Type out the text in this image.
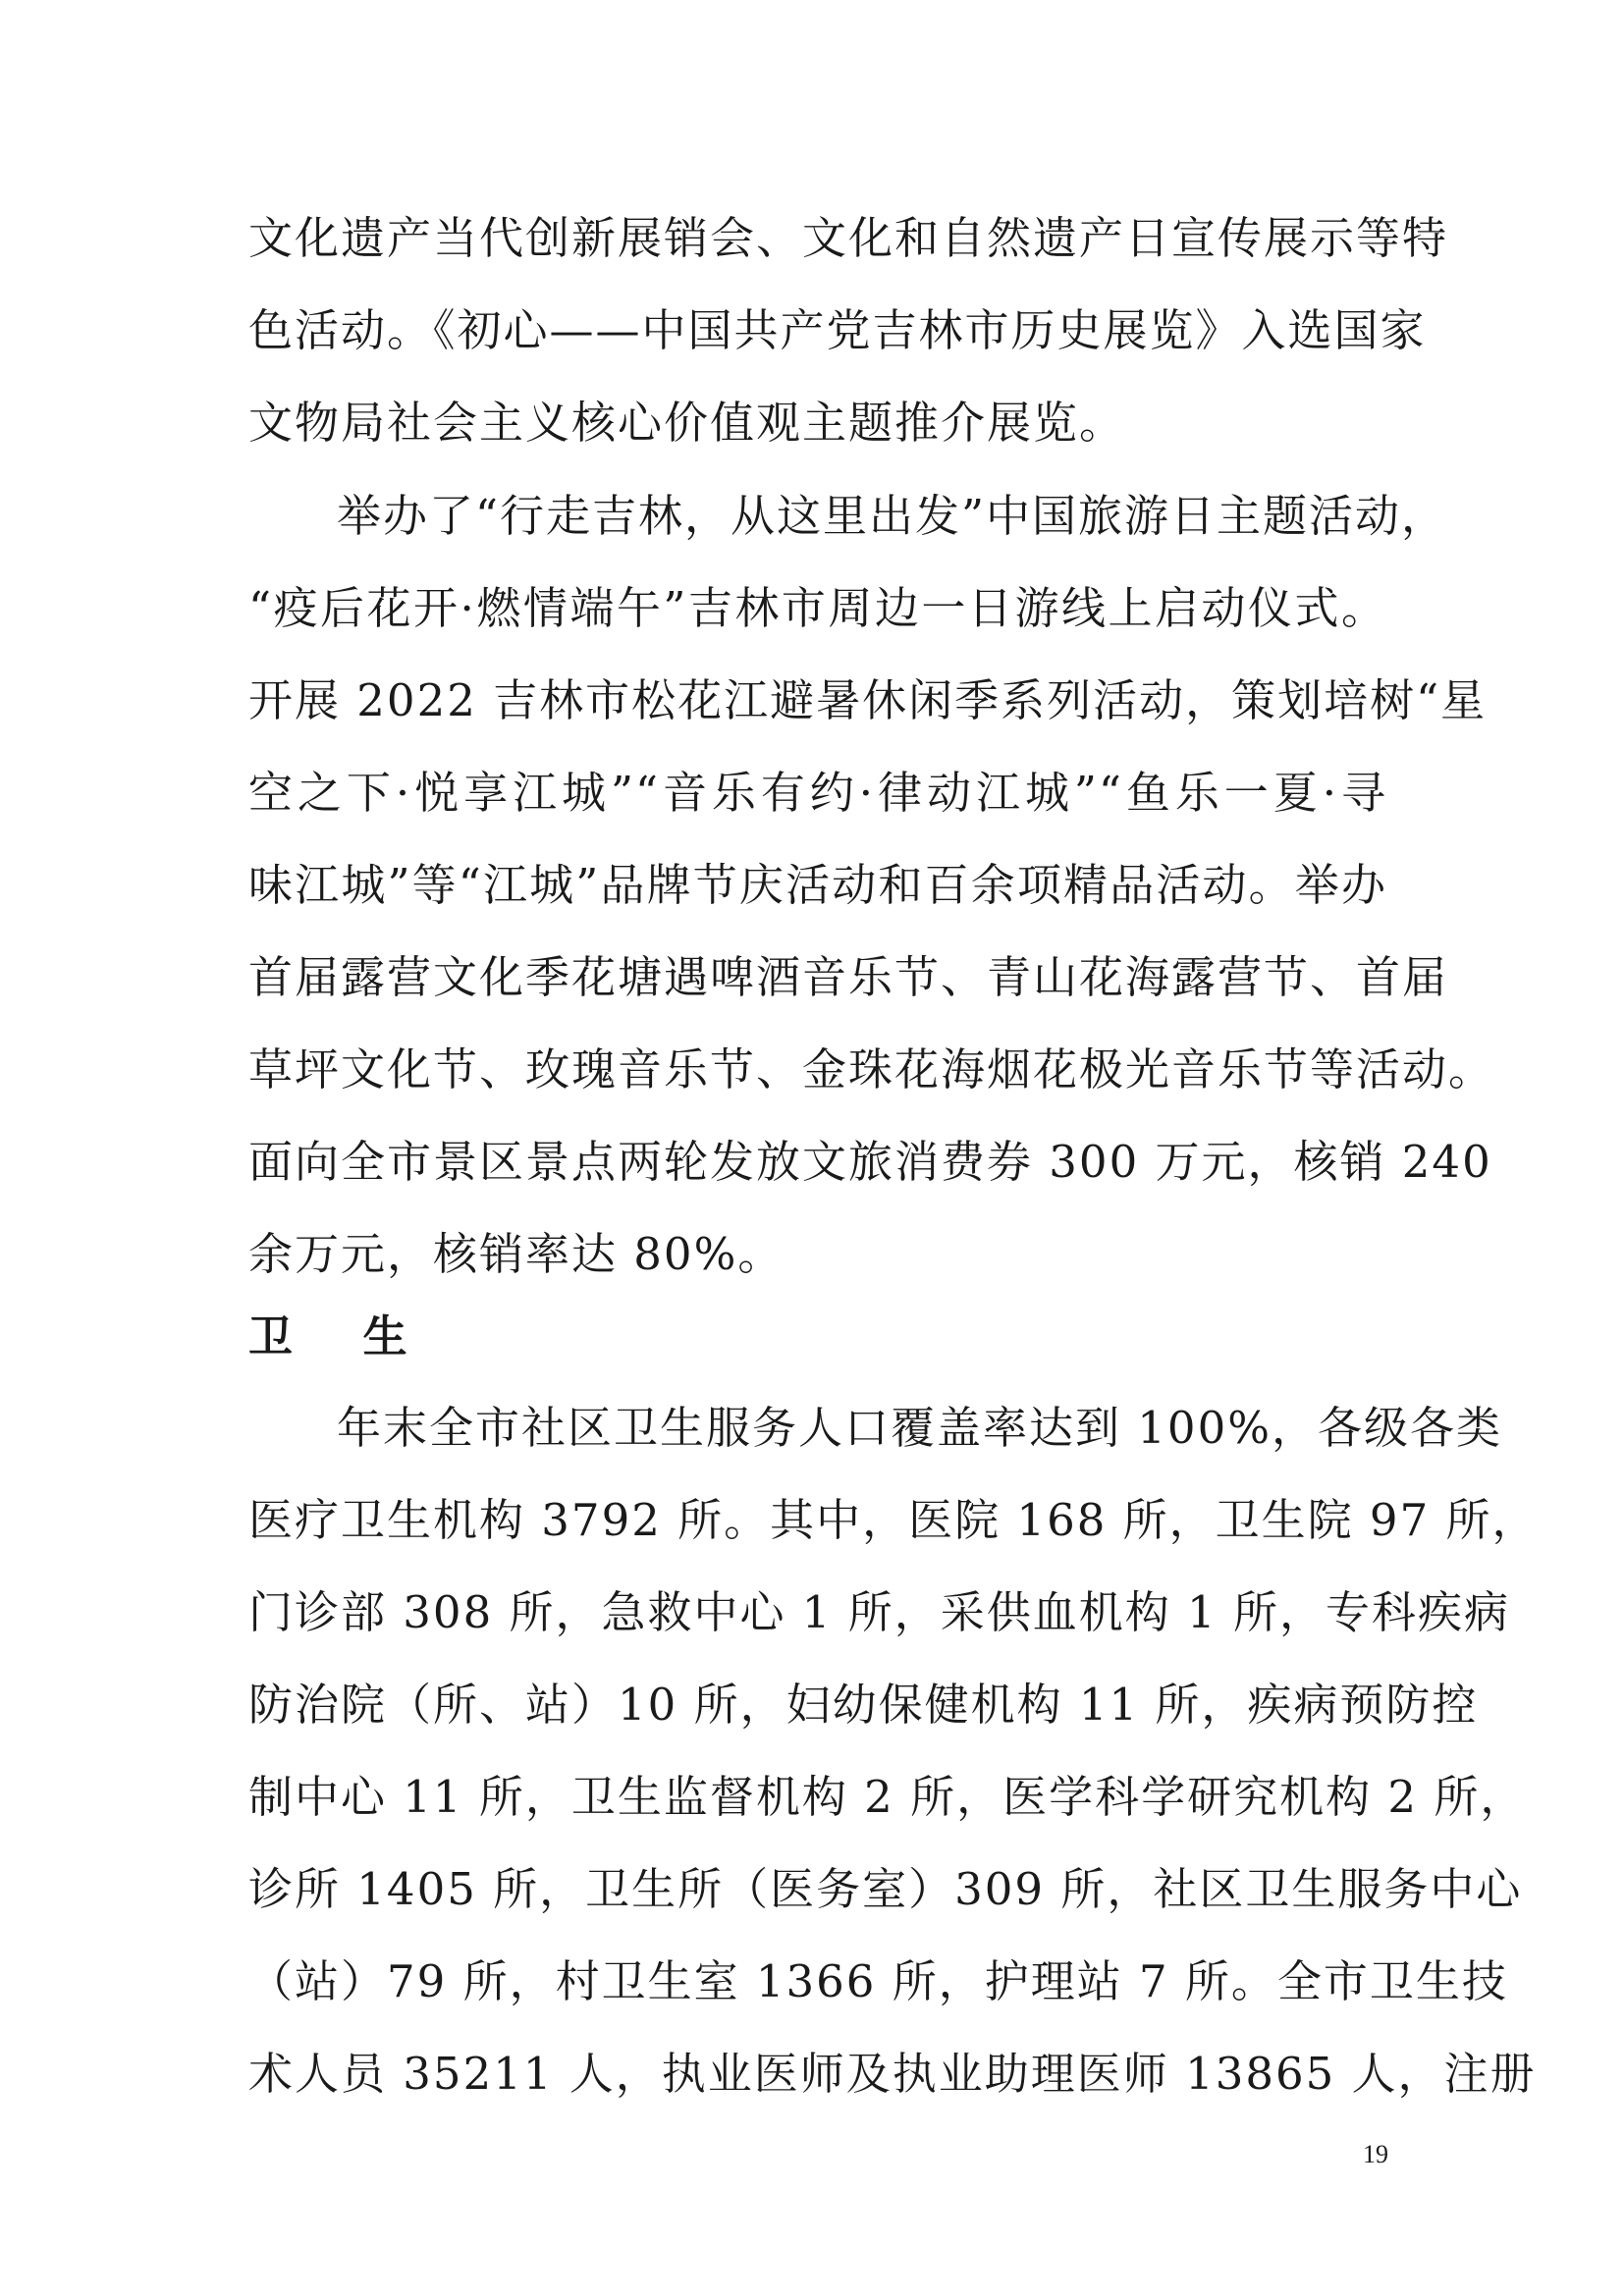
文化遗产当代创新展销会、文化和自然遗产日宣传展示等特
色活动。《初心——中国共产党吉林市历史展览》入选国家
文物局社会主义核心价值观主题推介展览。
举办了“行走吉林，从这里出发”中国旅游日主题活动，
“疫后花开·燃情端午”吉林市周边一日游线上启动仪式。
开展 2022 吉林市松花江避暑休闲季系列活动，策划培树“星
空之下·悦享江城”“音乐有约·律动江城”“鱼乐一夏·寻
味江城”等“江城”品牌节庆活动和百余项精品活动。举办
首届露营文化季花塘遇啤酒音乐节、青山花海露营节、首届
草坪文化节、玫瑰音乐节、金珠花海烟花极光音乐节等活动。
面向全市景区景点两轮发放文旅消费券 300 万元，核销 240
余万元，核销率达 80%。
卫 生
年末全市社区卫生服务人口覆盖率达到 100%，各级各类
医疗卫生机构 3792 所。其中，医院 168 所，卫生院 97 所，
门诊部 308 所，急救中心 1 所，采供血机构 1 所，专科疾病
防治院（所、站）10 所，妇幼保健机构 11 所，疾病预防控
制中心 11 所，卫生监督机构 2 所，医学科学研究机构 2 所，
诊所 1405 所，卫生所（医务室）309 所，社区卫生服务中心
（站）79 所，村卫生室 1366 所，护理站 7 所。全市卫生技
术人员 35211 人，执业医师及执业助理医师 13865 人，注册
19
